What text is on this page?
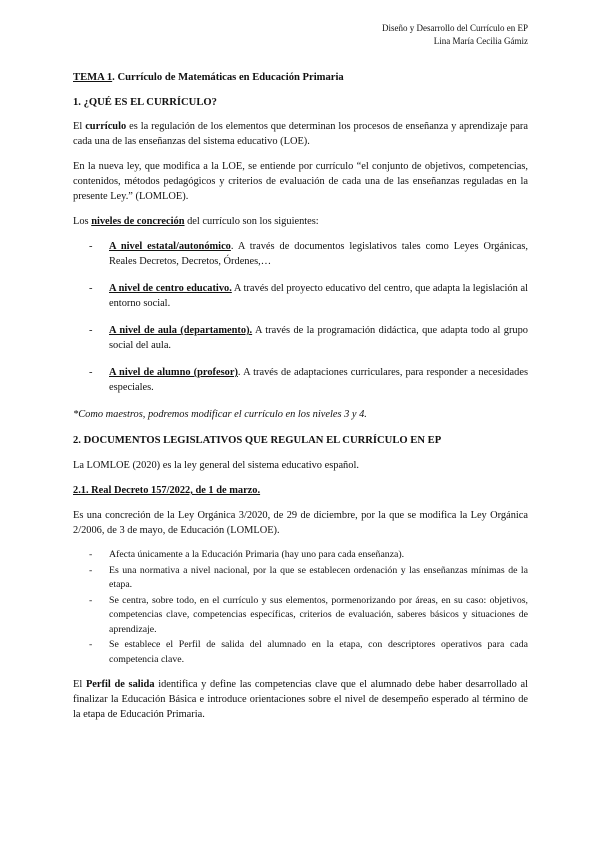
Diseño y Desarrollo del Currículo en EP
Lina María Cecilia Gámiz

TEMA 1. Currículo de Matemáticas en Educación Primaria

1. ¿QUÉ ES EL CURRÍCULO?

El currículo es la regulación de los elementos que determinan los procesos de enseñanza y aprendizaje para cada una de las enseñanzas del sistema educativo (LOE).

En la nueva ley, que modifica a la LOE, se entiende por currículo “el conjunto de objetivos, competencias, contenidos, métodos pedagógicos y criterios de evaluación de cada una de las enseñanzas reguladas en la presente Ley.” (LOMLOE).

Los niveles de concreción del currículo son los siguientes:

- A nivel estatal/autonómico. A través de documentos legislativos tales como Leyes Orgánicas, Reales Decretos, Decretos, Órdenes,…
- A nivel de centro educativo. A través del proyecto educativo del centro, que adapta la legislación al entorno social.
- A nivel de aula (departamento). A través de la programación didáctica, que adapta todo al grupo social del aula.
- A nivel de alumno (profesor). A través de adaptaciones curriculares, para responder a necesidades especiales.

*Como maestros, podremos modificar el currículo en los niveles 3 y 4.

2. DOCUMENTOS LEGISLATIVOS QUE REGULAN EL CURRÍCULO EN EP

La LOMLOE (2020) es la ley general del sistema educativo español.

2.1. Real Decreto 157/2022, de 1 de marzo.

Es una concreción de la Ley Orgánica 3/2020, de 29 de diciembre, por la que se modifica la Ley Orgánica 2/2006, de 3 de mayo, de Educación (LOMLOE).

- Afecta únicamente a la Educación Primaria (hay uno para cada enseñanza).
- Es una normativa a nivel nacional, por la que se establecen ordenación y las enseñanzas mínimas de la etapa.
- Se centra, sobre todo, en el currículo y sus elementos, pormenorizando por áreas, en su caso: objetivos, competencias clave, competencias específicas, criterios de evaluación, saberes básicos y situaciones de aprendizaje.
- Se establece el Perfil de salida del alumnado en la etapa, con descriptores operativos para cada competencia clave.

El Perfil de salida identifica y define las competencias clave que el alumnado debe haber desarrollado al finalizar la Educación Básica e introduce orientaciones sobre el nivel de desempeño esperado al término de la etapa de Educación Primaria.
